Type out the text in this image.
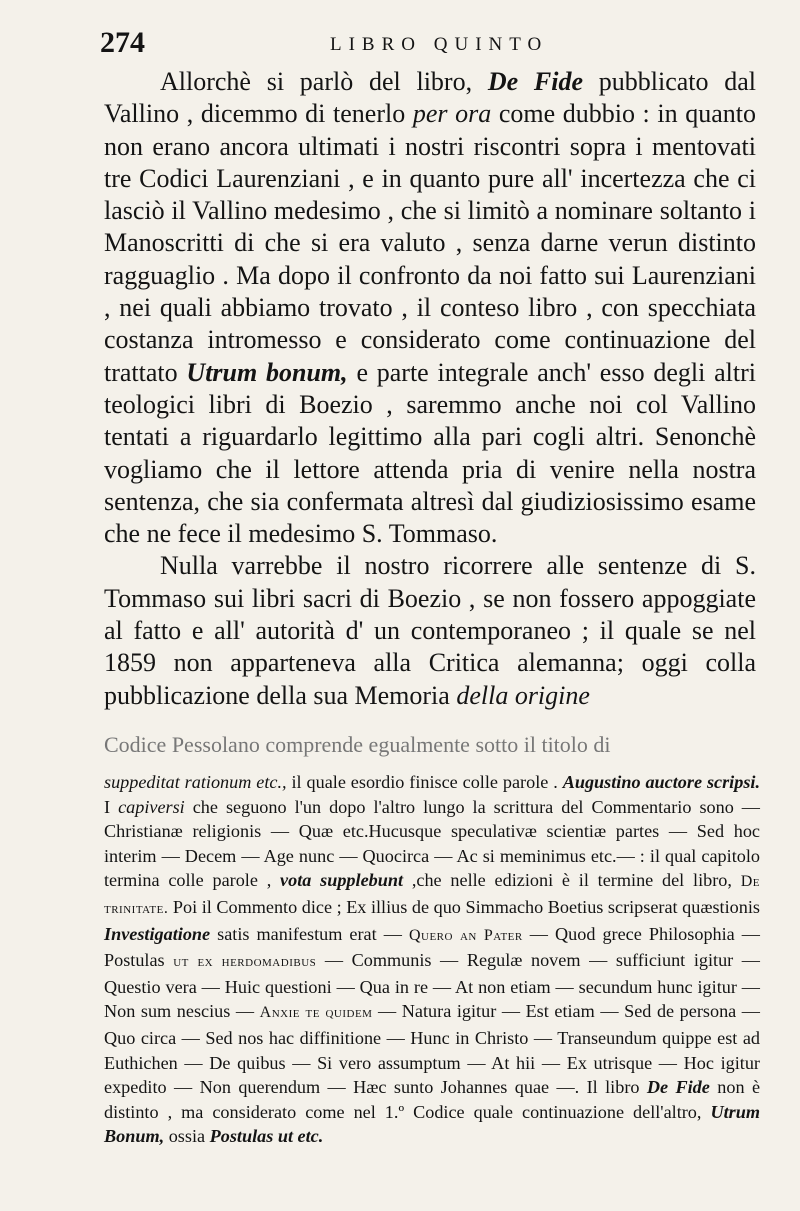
274	LIBRO QUINTO

Allorchè si parlò del libro, De Fide pubblicato dal Vallino , dicemmo di tenerlo per ora come dubbio : in quanto non erano ancora ultimati i nostri riscontri sopra i mentovati tre Codici Laurenziani , e in quanto pure all' incertezza che ci lasciò il Vallino medesimo , che si limitò a nominare soltanto i Manoscritti di che si era valuto , senza darne verun distinto ragguaglio . Ma dopo il confronto da noi fatto sui Laurenziani , nei quali abbiamo trovato , il conteso libro , con specchiata costanza intromesso e considerato come continuazione del trattato Utrum bonum, e parte integrale anch' esso degli altri teologici libri di Boezio , saremmo anche noi col Vallino tentati a riguardarlo legittimo alla pari cogli altri. Senonchè vogliamo che il lettore attenda pria di venire nella nostra sentenza, che sia confermata altresì dal giudiziosissimo esame che ne fece il medesimo S. Tommaso.

Nulla varrebbe il nostro ricorrere alle sentenze di S. Tommaso sui libri sacri di Boezio , se non fossero appoggiate al fatto e all' autorità d' un contemporaneo ; il quale se nel 1859 non apparteneva alla Critica alemanna; oggi colla pubblicazione della sua Memoria della origine

Codice Pessolano comprende egualmente sotto il titolo di

suppeditat rationum etc., il quale esordio finisce colle parole . Augustino auctore scripsi. I capiversi che seguono l'un dopo l'altro lungo la scrittura del Commentario sono — Christianæ religionis — Quæ etc.Hucusque speculativæ scientiæ partes — Sed hoc interim — Decem — Age nunc — Quocirca — Ac si meminimus etc.— : il qual capitolo termina colle parole , vota supplebunt ,che nelle edizioni è il termine del libro, De trinitate. Poi il Commento dice ; Ex illius de quo Simmacho Boetius scripserat quæstionis Investigatione satis manifestum erat — Quero an Pater — Quod grece Philosophia — Postulas ut ex herdomadibus — Communis — Regulæ novem — sufficiunt igitur — Questio vera — Huic questioni — Qua in re — At non etiam — secundum hunc igitur — Non sum nescius — Anxie te quidem — Natura igitur — Est etiam — Sed de persona — Quo circa — Sed nos hac diffinitione — Hunc in Christo — Transeundum quippe est ad Euthichen — De quibus — Si vero assumptum — At hii — Ex utrisque — Hoc igitur expedito — Non querendum — Hæc sunto Johannes quae —. Il libro De Fide non è distinto , ma considerato come nel 1.º Codice quale continuazione dell'altro, Utrum Bonum, ossia Postulas ut etc.
